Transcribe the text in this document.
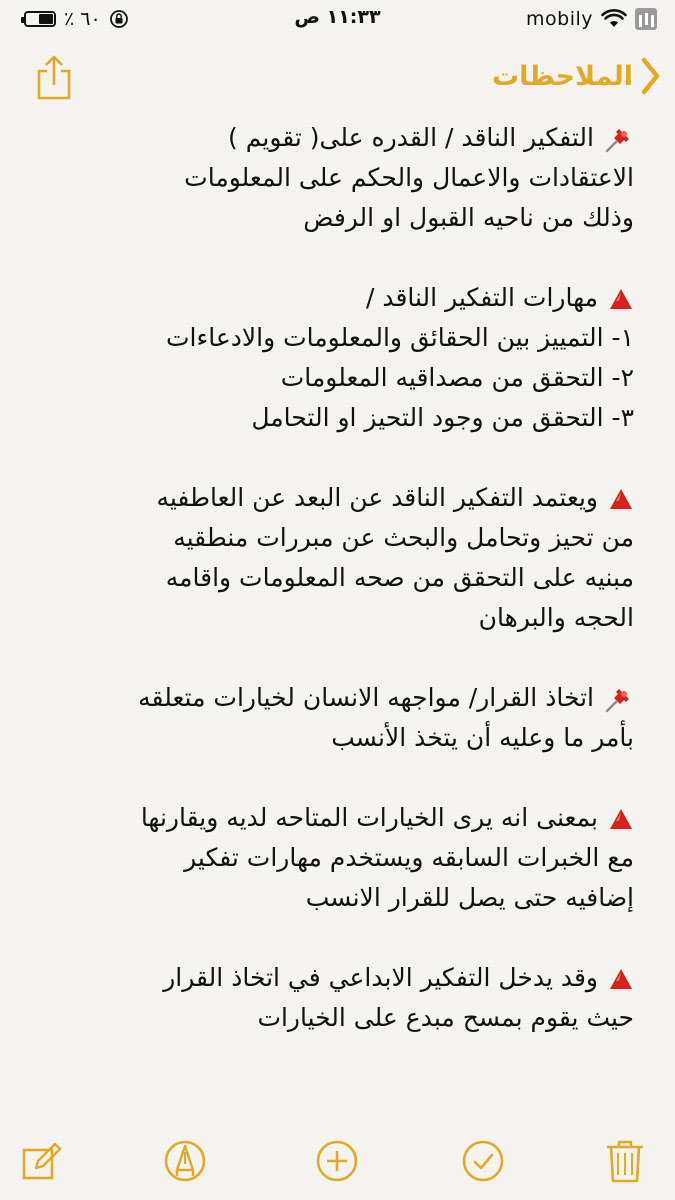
٪ ٦٠	١١:٣٣ ص	mobily
الملاحظات
التفكير الناقد / القدره على( تقويم )
الاعتقادات والاعمال والحكم على المعلومات
وذلك من ناحيه القبول او الرفض
مهارات التفكير الناقد /
١- التمييز بين الحقائق والمعلومات والادعاءات
٢- التحقق من مصداقيه المعلومات
٣- التحقق من وجود التحيز او التحامل
ويعتمد التفكير الناقد عن البعد عن العاطفيه
من تحيز وتحامل والبحث عن مبررات منطقيه
مبنيه على التحقق من صحه المعلومات واقامه
الحجه والبرهان
اتخاذ القرار/ مواجهه الانسان لخيارات متعلقه
بأمر ما وعليه أن يتخذ الأنسب
بمعنى انه يرى الخيارات المتاحه لديه ويقارنها
مع الخبرات السابقه ويستخدم مهارات تفكير
إضافيه حتى يصل للقرار الانسب
وقد يدخل التفكير الابداعي في اتخاذ القرار
حيث يقوم بمسح مبدع على الخيارات
